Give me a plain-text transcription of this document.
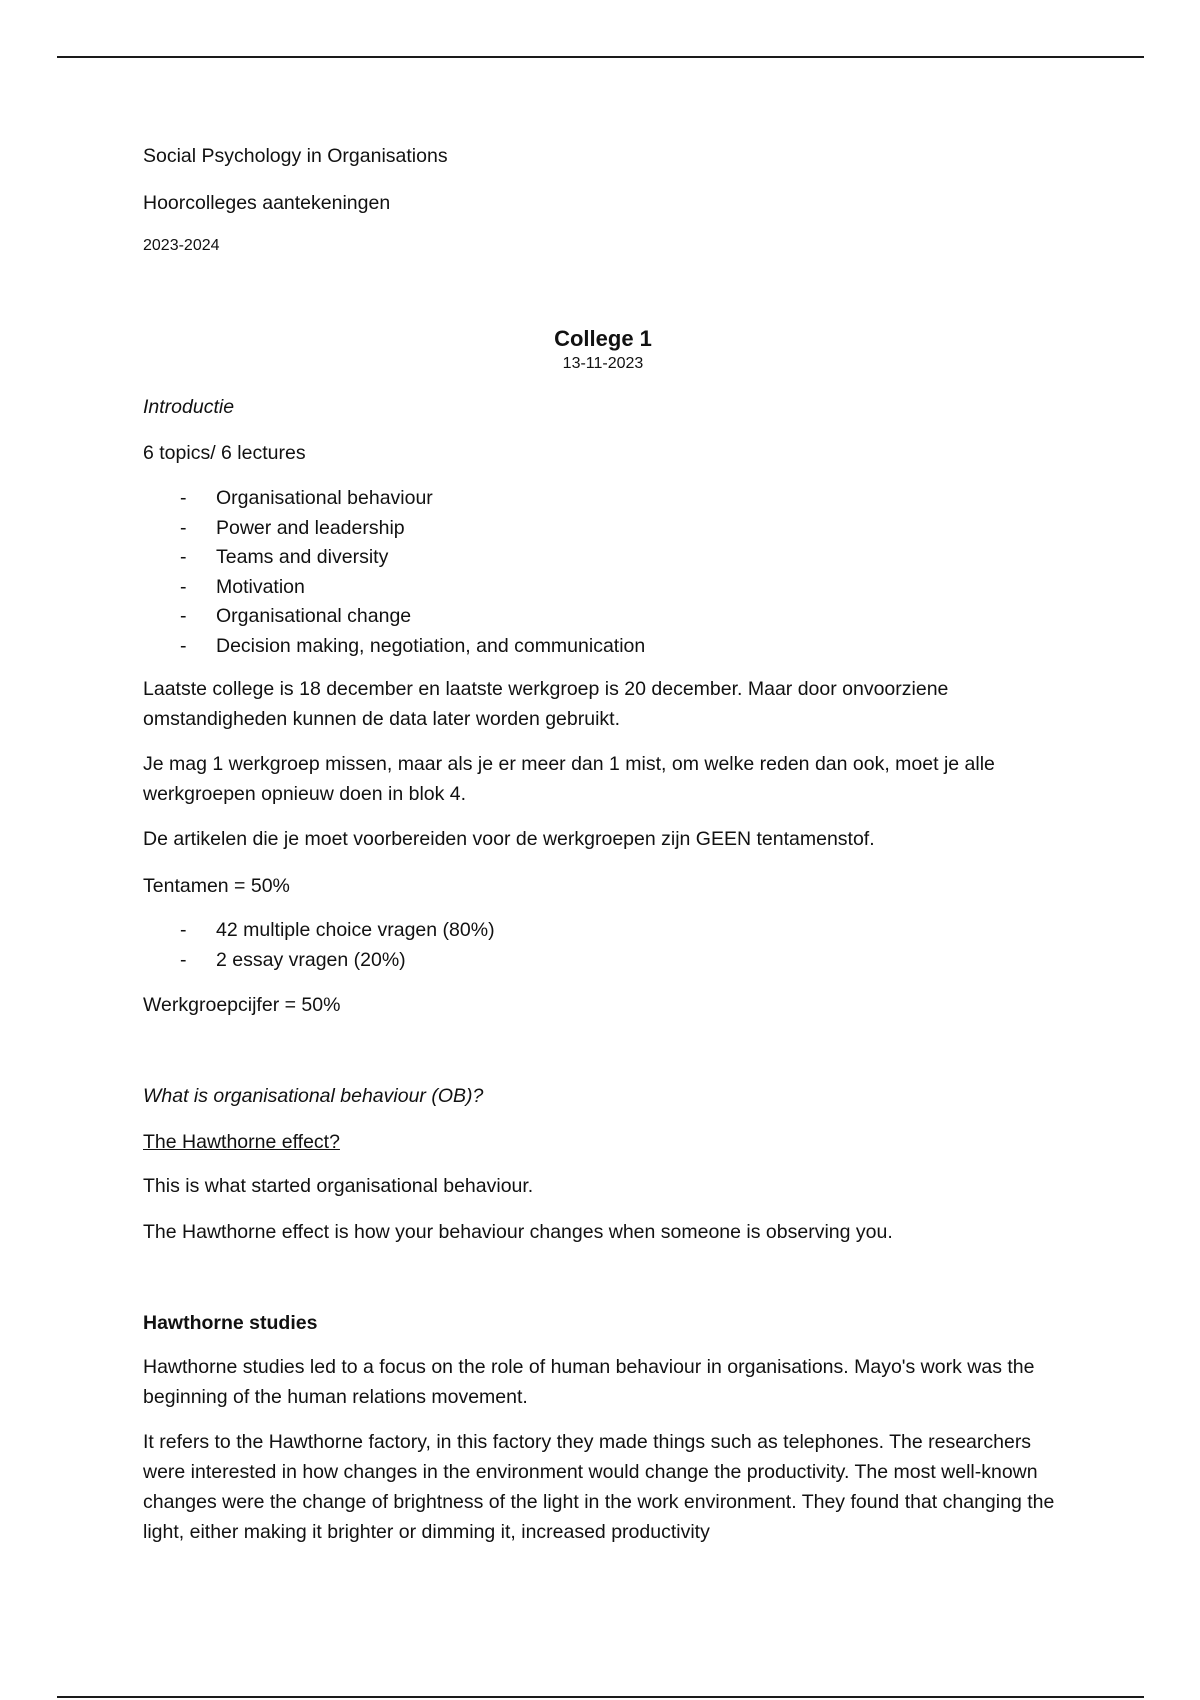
Social Psychology in Organisations
Hoorcolleges aantekeningen
2023-2024
College 1
13-11-2023
Introductie
6 topics/ 6 lectures
- Organisational behaviour
- Power and leadership
- Teams and diversity
- Motivation
- Organisational change
- Decision making, negotiation, and communication
Laatste college is 18 december en laatste werkgroep is 20 december. Maar door onvoorziene omstandigheden kunnen de data later worden gebruikt.
Je mag 1 werkgroep missen, maar als je er meer dan 1 mist, om welke reden dan ook, moet je alle werkgroepen opnieuw doen in blok 4.
De artikelen die je moet voorbereiden voor de werkgroepen zijn GEEN tentamenstof.
Tentamen = 50%
- 42 multiple choice vragen (80%)
- 2 essay vragen (20%)
Werkgroepcijfer = 50%
What is organisational behaviour (OB)?
The Hawthorne effect?
This is what started organisational behaviour.
The Hawthorne effect is how your behaviour changes when someone is observing you.
Hawthorne studies
Hawthorne studies led to a focus on the role of human behaviour in organisations. Mayo's work was the beginning of the human relations movement.
It refers to the Hawthorne factory, in this factory they made things such as telephones. The researchers were interested in how changes in the environment would change the productivity. The most well-known changes were the change of brightness of the light in the work environment. They found that changing the light, either making it brighter or dimming it, increased productivity
